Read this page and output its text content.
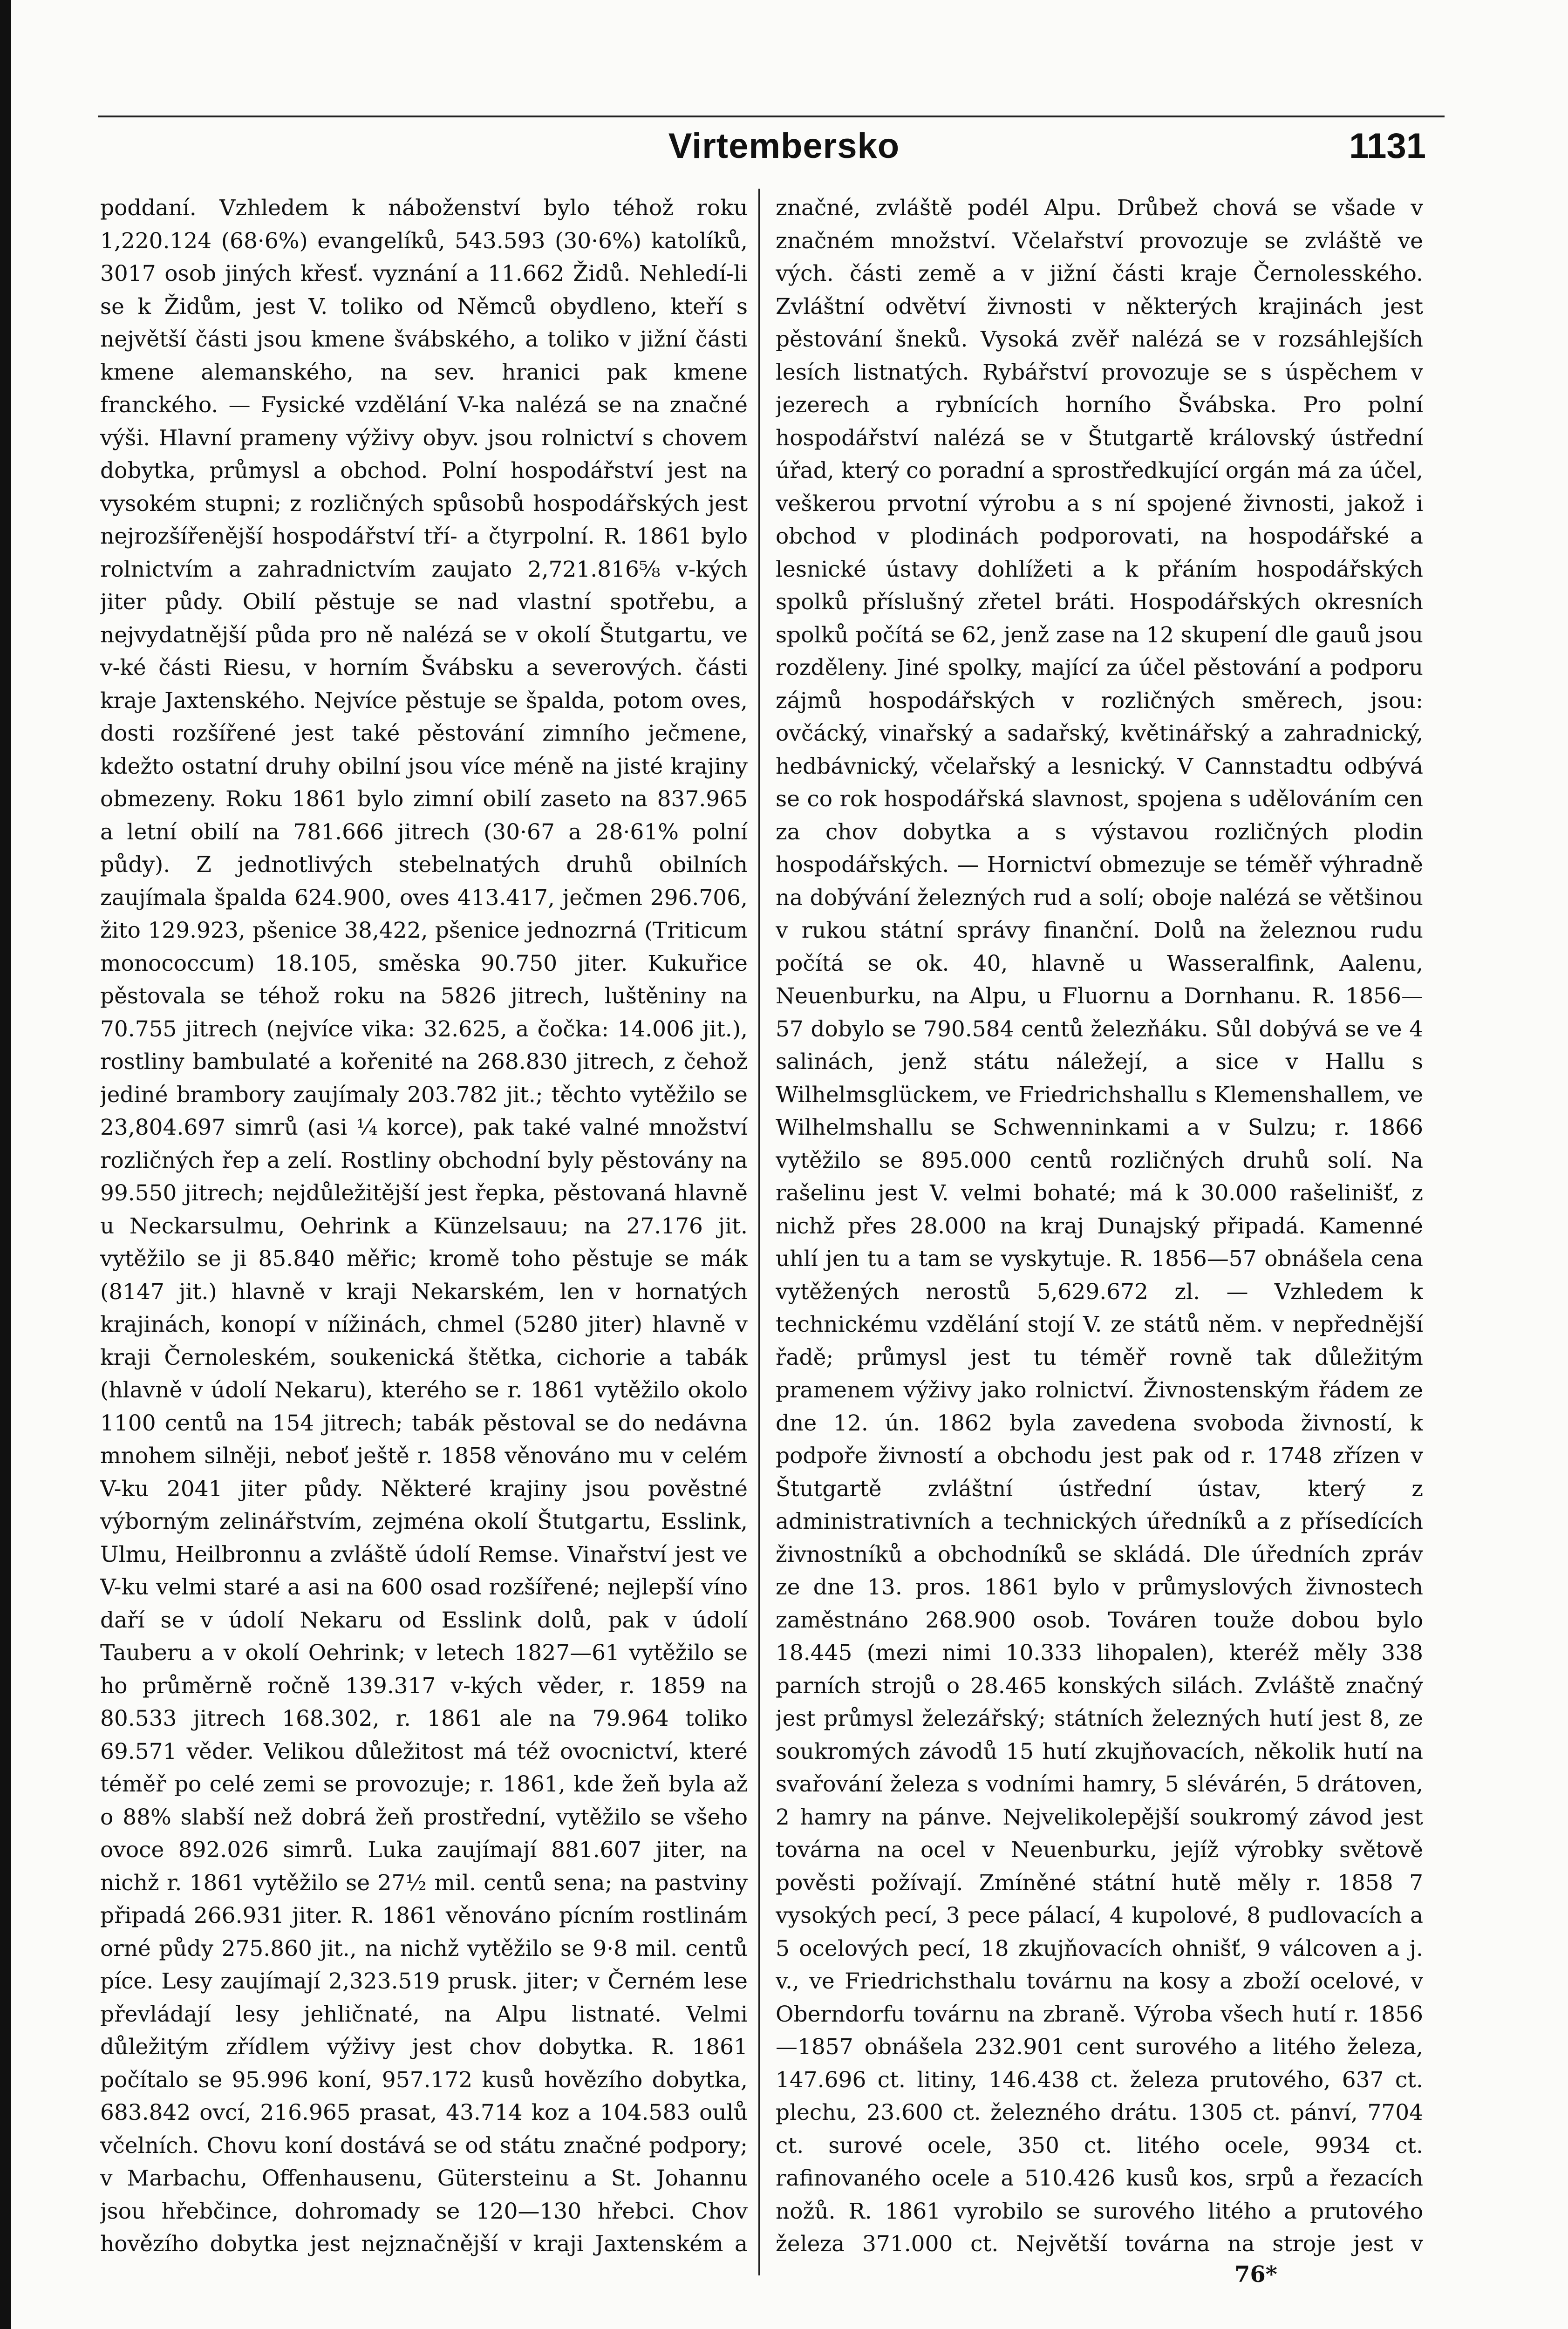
Virtembersko	1131

poddaní. Vzhledem k náboženství bylo téhož roku 1,220.124 (68·6%) evangelíků, 543.593 (30·6%) katolíků, 3017 osob jiných křesť. vyznání a 11.662 Židů. Nehledí-li se k Židům, jest V. toliko od Němců obydleno, kteří s největší části jsou kmene švábského, a toliko v jižní části kmene alemanského, na sev. hranici pak kmene franckého. — Fysické vzdělání V-ka nalézá se na značné výši. Hlavní prameny výživy obyv. jsou rolnictví s chovem dobytka, průmysl a obchod. Polní hospodářství jest na vysokém stupni; z rozličných spůsobů hospodářských jest nejrozšířenější hospodářství tří- a čtyrpolní. R. 1861 bylo rolnictvím a zahradnictvím zaujato 2,721.816⅝ v-kých jiter půdy. Obilí pěstuje se nad vlastní spotřebu, a nejvydatnější půda pro ně nalézá se v okolí Štutgartu, ve v-ké části Riesu, v horním Švábsku a severových. části kraje Jaxtenského. Nejvíce pěstuje se špalda, potom oves, dosti rozšířené jest také pěstování zimního ječmene, kdežto ostatní druhy obilní jsou více méně na jisté krajiny obmezeny. Roku 1861 bylo zimní obilí zaseto na 837.965 a letní obilí na 781.666 jitrech (30·67 a 28·61% polní půdy). Z jednotlivých stebelnatých druhů obilních zaujímala špalda 624.900, oves 413.417, ječmen 296.706, žito 129.923, pšenice 38,422, pšenice jednozrná (Triticum monococcum) 18.105, směska 90.750 jiter. Kukuřice pěstovala se téhož roku na 5826 jitrech, luštěniny na 70.755 jitrech (nejvíce vika: 32.625, a čočka: 14.006 jit.), rostliny bambulaté a kořenité na 268.830 jitrech, z čehož jediné brambory zaujímaly 203.782 jit.; těchto vytěžilo se 23,804.697 simrů (asi ¼ korce), pak také valné množství rozličných řep a zelí. Rostliny obchodní byly pěstovány na 99.550 jitrech; nejdůležitější jest řepka, pěstovaná hlavně u Neckarsulmu, Oehrink a Künzelsauu; na 27.176 jit. vytěžilo se ji 85.840 měřic; kromě toho pěstuje se mák (8147 jit.) hlavně v kraji Nekarském, len v hornatých krajinách, konopí v nížinách, chmel (5280 jiter) hlavně v kraji Černoleském, soukenická štětka, cichorie a tabák (hlavně v údolí Nekaru), kterého se r. 1861 vytěžilo okolo 1100 centů na 154 jitrech; tabák pěstoval se do nedávna mnohem silněji, neboť ještě r. 1858 věnováno mu v celém V-ku 2041 jiter půdy. Některé krajiny jsou pověstné výborným zelinářstvím, zejména okolí Štutgartu, Esslink, Ulmu, Heilbronnu a zvláště údolí Remse. Vinařství jest ve V-ku velmi staré a asi na 600 osad rozšířené; nejlepší víno daří se v údolí Nekaru od Esslink dolů, pak v údolí Tauberu a v okolí Oehrink; v letech 1827—61 vytěžilo se ho průměrně ročně 139.317 v-kých věder, r. 1859 na 80.533 jitrech 168.302, r. 1861 ale na 79.964 toliko 69.571 věder. Velikou důležitost má též ovocnictví, které téměř po celé zemi se provozuje; r. 1861, kde žeň byla až o 88% slabší než dobrá žeň prostřední, vytěžilo se všeho ovoce 892.026 simrů. Luka zaujímají 881.607 jiter, na nichž r. 1861 vytěžilo se 27½ mil. centů sena; na pastviny připadá 266.931 jiter. R. 1861 věnováno pícním rostlinám orné půdy 275.860 jit., na nichž vytěžilo se 9·8 mil. centů píce. Lesy zaujímají 2,323.519 prusk. jiter; v Černém lese převládají lesy jehličnaté, na Alpu listnaté. Velmi důležitým zřídlem výživy jest chov dobytka. R. 1861 počítalo se 95.996 koní, 957.172 kusů hovězího dobytka, 683.842 ovcí, 216.965 prasat, 43.714 koz a 104.583 oulů včelních. Chovu koní dostává se od státu značné podpory; v Marbachu, Offenhausenu, Gütersteinu a St. Johannu jsou hřebčince, dohromady se 120—130 hřebci. Chov hovězího dobytka jest nejznačnější v kraji Jaxtenském a

značné, zvláště podél Alpu. Drůbež chová se všade v značném množství. Včelařství provozuje se zvláště ve vých. části země a v jižní části kraje Černolesského. Zvláštní odvětví živnosti v některých krajinách jest pěstování šneků. Vysoká zvěř nalézá se v rozsáhlejších lesích listnatých. Rybářství provozuje se s úspěchem v jezerech a rybnících horního Švábska. Pro polní hospodářství nalézá se v Štutgartě královský ústřední úřad, který co poradní a sprostředkující orgán má za účel, veškerou prvotní výrobu a s ní spojené živnosti, jakož i obchod v plodinách podporovati, na hospodářské a lesnické ústavy dohlížeti a k přáním hospodářských spolků příslušný zřetel bráti. Hospodářských okresních spolků počítá se 62, jenž zase na 12 skupení dle gauů jsou rozděleny. Jiné spolky, mající za účel pěstování a podporu zájmů hospodářských v rozličných směrech, jsou: ovčácký, vinařský a sadařský, květinářský a zahradnický, hedbávnický, včelařský a lesnický. V Cannstadtu odbývá se co rok hospodářská slavnost, spojena s udělováním cen za chov dobytka a s výstavou rozličných plodin hospodářských. — Hornictví obmezuje se téměř výhradně na dobývání železných rud a solí; oboje nalézá se většinou v rukou státní správy finanční. Dolů na železnou rudu počítá se ok. 40, hlavně u Wasseralfink, Aalenu, Neuenburku, na Alpu, u Fluornu a Dornhanu. R. 1856—57 dobylo se 790.584 centů železňáku. Sůl dobývá se ve 4 salinách, jenž státu náležejí, a sice v Hallu s Wilhelmsglückem, ve Friedrichshallu s Klemenshallem, ve Wilhelmshallu se Schwenninkami a v Sulzu; r. 1866 vytěžilo se 895.000 centů rozličných druhů solí. Na rašelinu jest V. velmi bohaté; má k 30.000 rašelinišť, z nichž přes 28.000 na kraj Dunajský připadá. Kamenné uhlí jen tu a tam se vyskytuje. R. 1856—57 obnášela cena vytěžených nerostů 5,629.672 zl. — Vzhledem k technickému vzdělání stojí V. ze států něm. v nepřednější řadě; průmysl jest tu téměř rovně tak důležitým pramenem výživy jako rolnictví. Živnostenským řádem ze dne 12. ún. 1862 byla zavedena svoboda živností, k podpoře živností a obchodu jest pak od r. 1748 zřízen v Štutgartě zvláštní ústřední ústav, který z administrativních a technických úředníků a z přísedících živnostníků a obchodníků se skládá. Dle úředních zpráv ze dne 13. pros. 1861 bylo v průmyslových živnostech zaměstnáno 268.900 osob. Továren touže dobou bylo 18.445 (mezi nimi 10.333 lihopalen), kteréž měly 338 parních strojů o 28.465 konských silách. Zvláště značný jest průmysl železářský; státních železných hutí jest 8, ze soukromých závodů 15 hutí zkujňovacích, několik hutí na svařování železa s vodními hamry, 5 slévárén, 5 drátoven, 2 hamry na pánve. Nejvelikolepější soukromý závod jest továrna na ocel v Neuenburku, jejíž výrobky světově pověsti požívají. Zmíněné státní hutě měly r. 1858 7 vysokých pecí, 3 pece pálací, 4 kupolové, 8 pudlovacích a 5 ocelových pecí, 18 zkujňovacích ohnišť, 9 válcoven a j. v., ve Friedrichsthalu továrnu na kosy a zboží ocelové, v Oberndorfu továrnu na zbraně. Výroba všech hutí r. 1856—1857 obnášela 232.901 cent surového a litého železa, 147.696 ct. litiny, 146.438 ct. železa prutového, 637 ct. plechu, 23.600 ct. železného drátu. 1305 ct. pánví, 7704 ct. surové ocele, 350 ct. litého ocele, 9934 ct. rafinovaného ocele a 510.426 kusů kos, srpů a řezacích nožů. R. 1861 vyrobilo se surového litého a prutového železa 371.000 ct. Největší továrna na stroje jest v

76*
